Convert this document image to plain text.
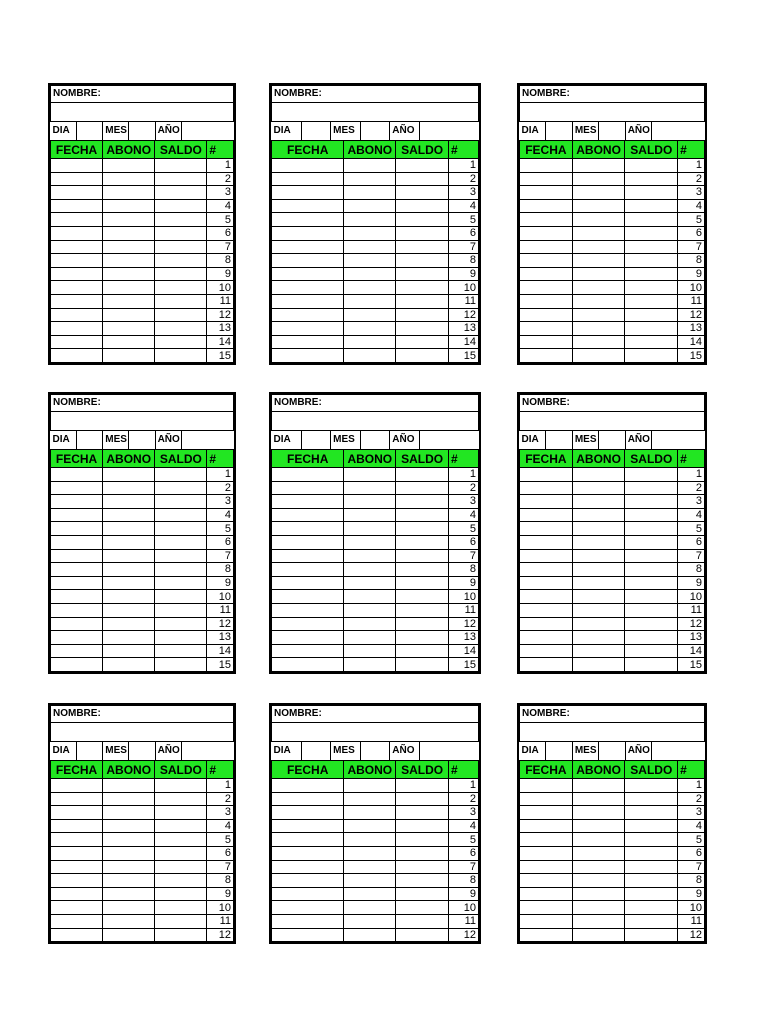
NOMBRE:

DIA		MES		AÑO	

FECHA	ABONO	SALDO	#
			1
			2
			3
			4
			5
			6
			7
			8
			9
			10
			11
			12
			13
			14
			15
NOMBRE:

DIA		MES		AÑO	

FECHA	ABONO	SALDO	#
			1
			2
			3
			4
			5
			6
			7
			8
			9
			10
			11
			12
			13
			14
			15
NOMBRE:

DIA		MES		AÑO	

FECHA	ABONO	SALDO	#
			1
			2
			3
			4
			5
			6
			7
			8
			9
			10
			11
			12
			13
			14
			15
NOMBRE:

DIA		MES		AÑO	

FECHA	ABONO	SALDO	#
			1
			2
			3
			4
			5
			6
			7
			8
			9
			10
			11
			12
			13
			14
			15
NOMBRE:

DIA		MES		AÑO	

FECHA	ABONO	SALDO	#
			1
			2
			3
			4
			5
			6
			7
			8
			9
			10
			11
			12
			13
			14
			15
NOMBRE:

DIA		MES		AÑO	

FECHA	ABONO	SALDO	#
			1
			2
			3
			4
			5
			6
			7
			8
			9
			10
			11
			12
			13
			14
			15
NOMBRE:

DIA		MES		AÑO	

FECHA	ABONO	SALDO	#
			1
			2
			3
			4
			5
			6
			7
			8
			9
			10
			11
			12
NOMBRE:

DIA		MES		AÑO	

FECHA	ABONO	SALDO	#
			1
			2
			3
			4
			5
			6
			7
			8
			9
			10
			11
			12
NOMBRE:

DIA		MES		AÑO	

FECHA	ABONO	SALDO	#
			1
			2
			3
			4
			5
			6
			7
			8
			9
			10
			11
			12
